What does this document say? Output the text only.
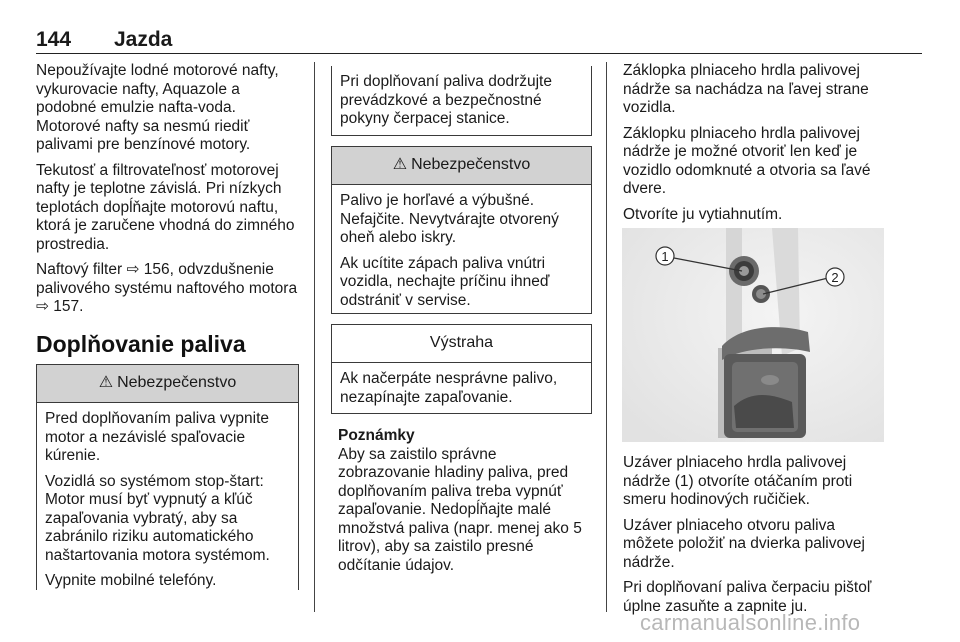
144 Jazda

Nepoužívajte lodné motorové nafty, vykurovacie nafty, Aquazole a podobné emulzie nafta-voda. Motorové nafty sa nesmú riediť palivami pre benzínové motory.

Tekutosť a filtrovateľnosť motorovej nafty je teplotne závislá. Pri nízkych teplotách dopĺňajte motorovú naftu, ktorá je zaručene vhodná do zimného prostredia.

Naftový filter ⇨ 156, odvzdušnenie palivového systému naftového motora ⇨ 157.

Doplňovanie paliva
⚠ Nebezpečenstvo

Pred doplňovaním paliva vypnite motor a nezávislé spaľovacie kúrenie.

Vozidlá so systémom stop-štart: Motor musí byť vypnutý a kľúč zapaľovania vybratý, aby sa zabránilo riziku automatického naštartovania motora systémom.

Vypnite mobilné telefóny.

Pri doplňovaní paliva dodržujte prevádzkové a bezpečnostné pokyny čerpacej stanice.

⚠ Nebezpečenstvo

Palivo je horľavé a výbušné. Nefajčite. Nevytvárajte otvorený oheň alebo iskry.

Ak ucítite zápach paliva vnútri vozidla, nechajte príčinu ihneď odstrániť v servise.

Výstraha

Ak načerpáte nesprávne palivo, nezapínajte zapaľovanie.

Poznámky
Aby sa zaistilo správne zobrazovanie hladiny paliva, pred doplňovaním paliva treba vypnúť zapaľovanie. Nedopĺňajte malé množstvá paliva (napr. menej ako 5 litrov), aby sa zaistilo presné odčítanie údajov.

Záklopka plniaceho hrdla palivovej nádrže sa nachádza na ľavej strane vozidla.

Záklopku plniaceho hrdla palivovej nádrže je možné otvoriť len keď je vozidlo odomknuté a otvoria sa ľavé dvere.

Otvoríte ju vytiahnutím.

1
2

Uzáver plniaceho hrdla palivovej nádrže (1) otvoríte otáčaním proti smeru hodinových ručičiek.

Uzáver plniaceho otvoru paliva môžete položiť na dvierka palivovej nádrže.

Pri doplňovaní paliva čerpaciu pištoľ úplne zasuňte a zapnite ju.

carmanualsonline.info
